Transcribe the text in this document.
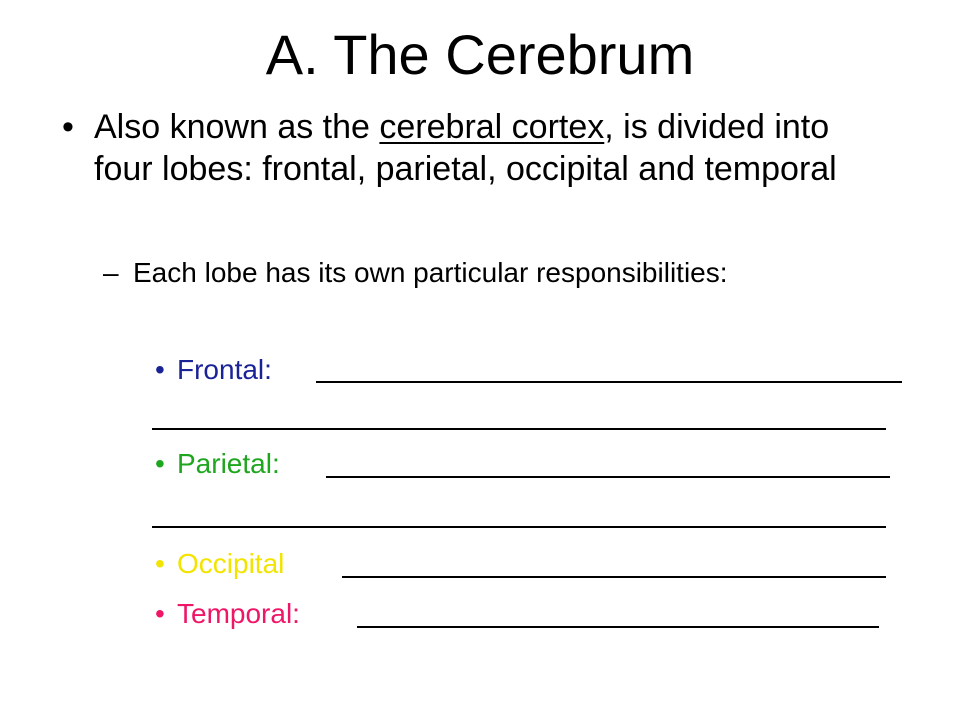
A. The Cerebrum
• Also known as the cerebral cortex, is divided into four lobes: frontal, parietal, occipital and temporal
– Each lobe has its own particular responsibilities:
• Frontal:
• Parietal:
• Occipital
• Temporal:
